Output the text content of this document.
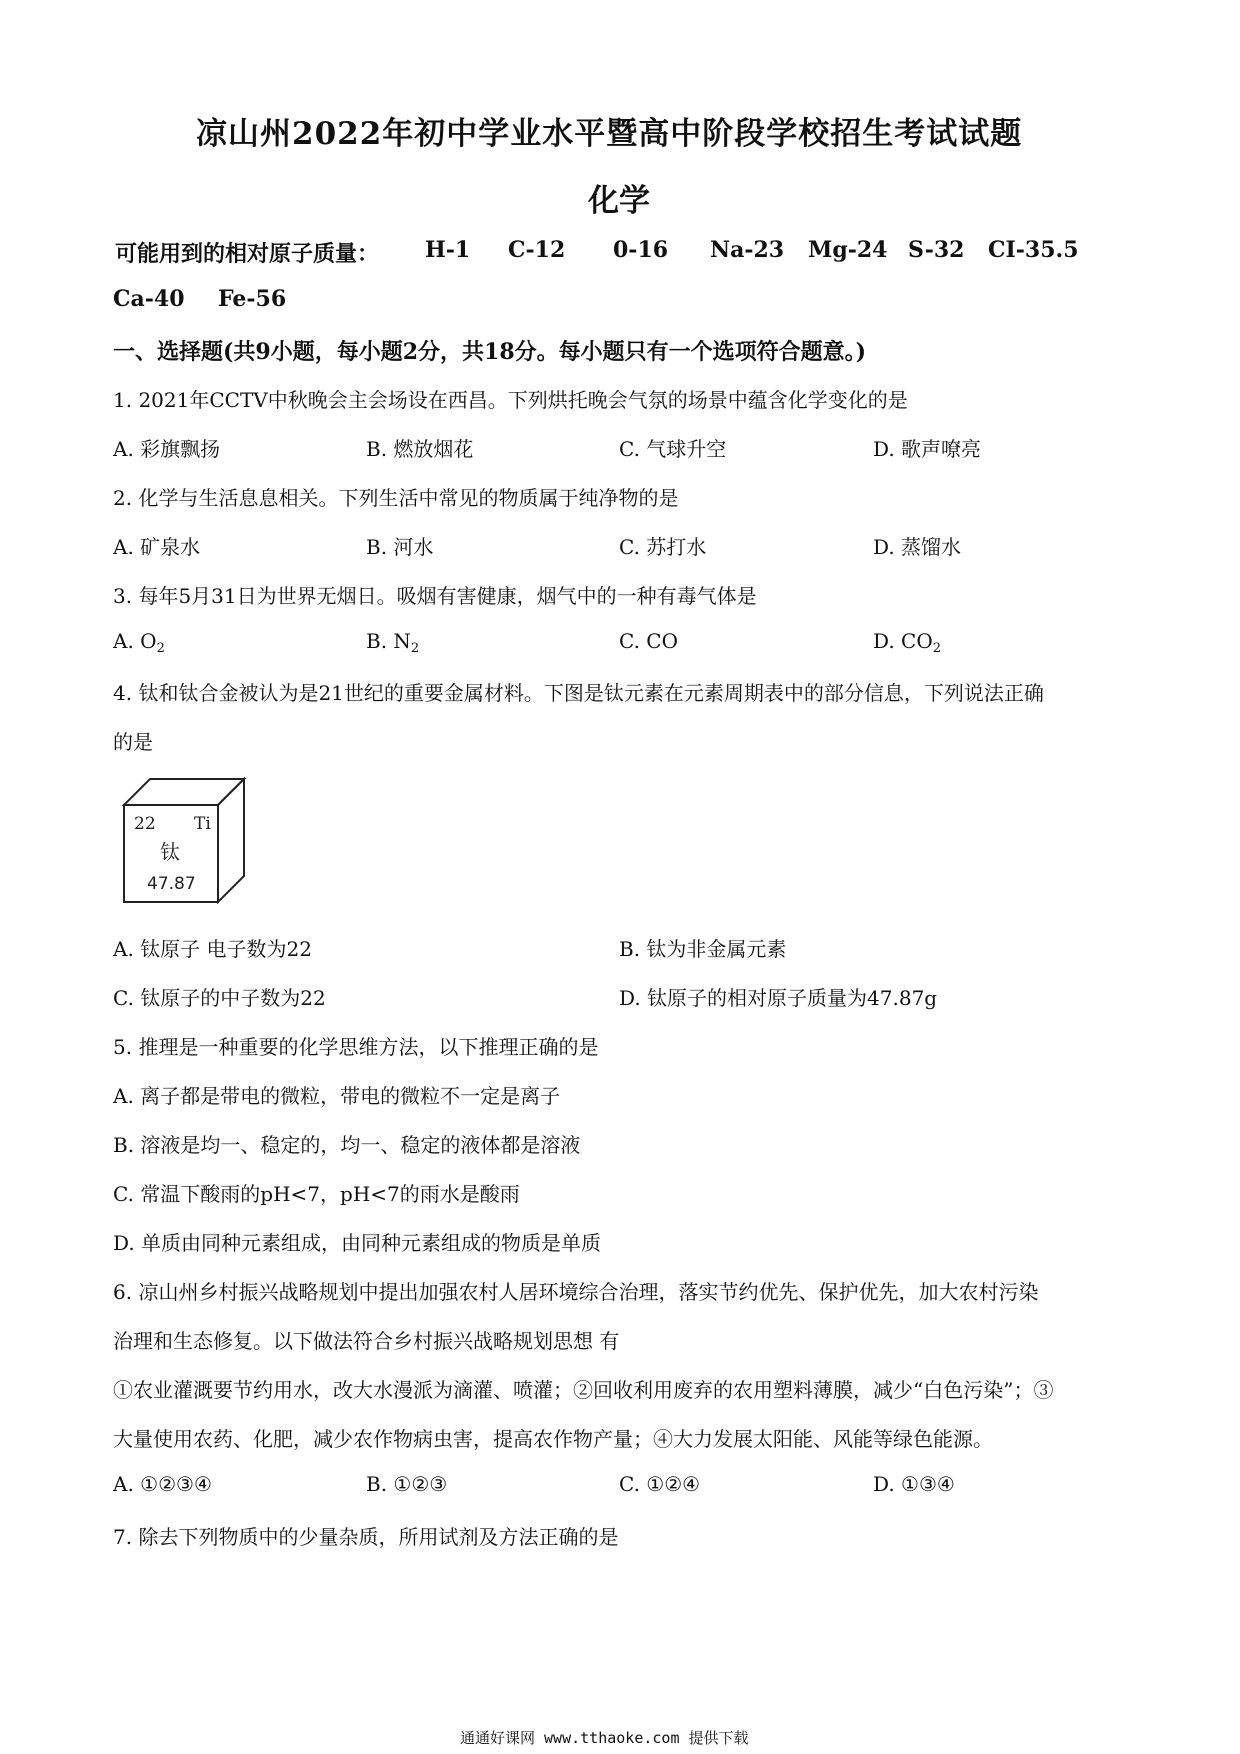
凉山州2022年初中学业水平暨高中阶段学校招生考试试题
化学
可能用到的相对原子质量： H-1 C-12 0-16 Na-23 Mg-24 S-32 CI-35.5
Ca-40 Fe-56
一、选择题(共9小题，每小题2分，共18分。每小题只有一个选项符合题意。)
1. 2021年CCTV中秋晚会主会场设在西昌。下列烘托晚会气氛的场景中蕴含化学变化的是
A. 彩旗飘扬	B. 燃放烟花	C. 气球升空	D. 歌声嘹亮
2. 化学与生活息息相关。下列生活中常见的物质属于纯净物的是
A. 矿泉水	B. 河水	C. 苏打水	D. 蒸馏水
3. 每年5月31日为世界无烟日。吸烟有害健康，烟气中的一种有毒气体是
A. $O_2$	B. $N_2$	C. CO	D. $CO_2$
4. 钛和钛合金被认为是21世纪的重要金属材料。下图是钛元素在元素周期表中的部分信息，下列说法正确
的是
22 Ti
钛
47.87
A. 钛原子 电子数为22	B. 钛为非金属元素
C. 钛原子的中子数为22	D. 钛原子的相对原子质量为47.87g
5. 推理是一种重要的化学思维方法，以下推理正确的是
A. 离子都是带电的微粒，带电的微粒不一定是离子
B. 溶液是均一、稳定的，均一、稳定的液体都是溶液
C. 常温下酸雨的pH<7，pH<7的雨水是酸雨
D. 单质由同种元素组成，由同种元素组成的物质是单质
6. 凉山州乡村振兴战略规划中提出加强农村人居环境综合治理，落实节约优先、保护优先，加大农村污染
治理和生态修复。以下做法符合乡村振兴战略规划思想 有
①农业灌溉要节约用水，改大水漫派为滴灌、喷灌；②回收利用废弃的农用塑料薄膜，减少“白色污染”；③
大量使用农药、化肥，减少农作物病虫害，提高农作物产量；④大力发展太阳能、风能等绿色能源。
A. ①②③④	B. ①②③	C. ①②④	D. ①③④
7. 除去下列物质中的少量杂质，所用试剂及方法正确的是
通通好课网 www.tthaoke.com 提供下载
